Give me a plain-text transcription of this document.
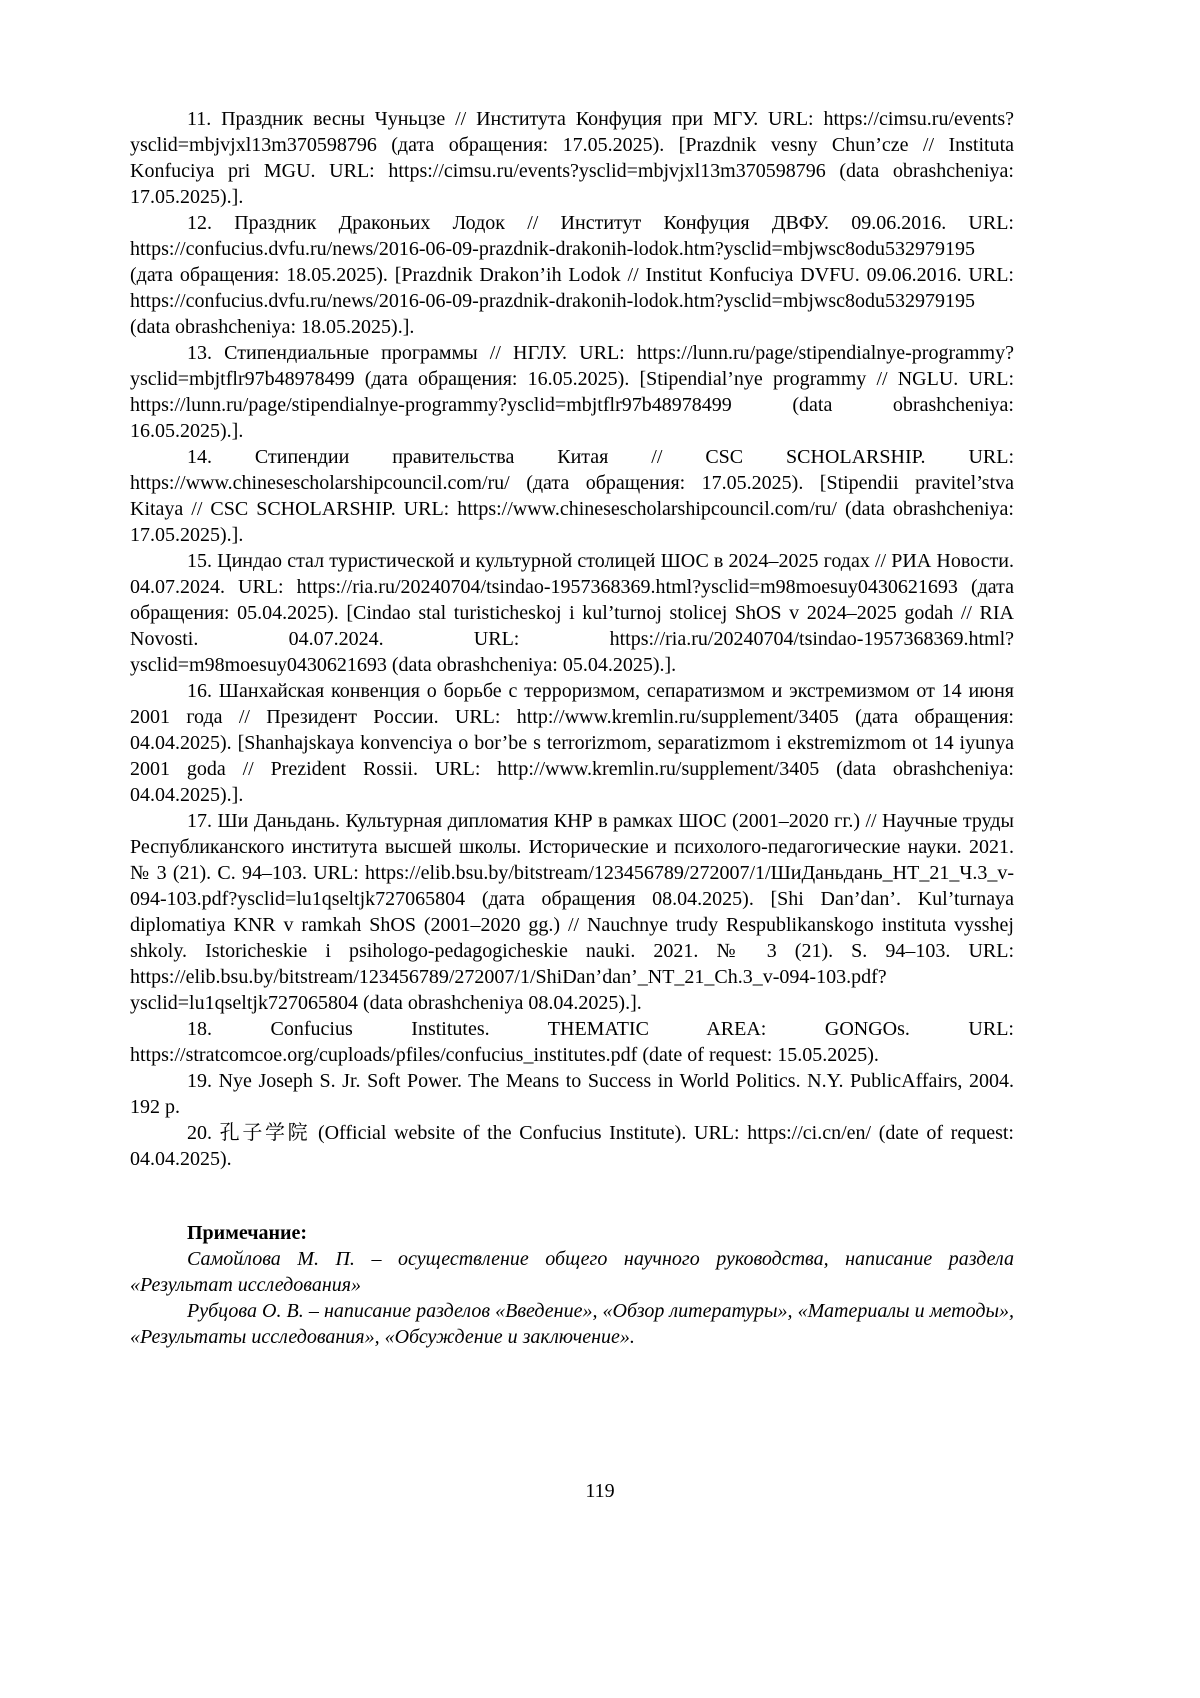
11. Праздник весны Чуньцзе // Института Конфуция при МГУ. URL: https://cimsu.ru/events?ysclid=mbjvjxl13m370598796 (дата обращения: 17.05.2025). [Prazdnik vesny Chun’cze // Instituta Konfuciya pri MGU. URL: https://cimsu.ru/events?ysclid=mbjvjxl13m370598796 (data obrashcheniya: 17.05.2025).].

12. Праздник Драконьих Лодок // Институт Конфуция ДВФУ. 09.06.2016. URL: https://confucius.dvfu.ru/news/2016-06-09-prazdnik-drakonih-lodok.htm?ysclid=mbjwsc8odu532979195 (дата обращения: 18.05.2025). [Prazdnik Drakon’ih Lodok // Institut Konfuciya DVFU. 09.06.2016. URL: https://confucius.dvfu.ru/news/2016-06-09-prazdnik-drakonih-lodok.htm?ysclid=mbjwsc8odu532979195 (data obrashcheniya: 18.05.2025).].

13. Стипендиальные программы // НГЛУ. URL: https://lunn.ru/page/stipendialnye-programmy?ysclid=mbjtflr97b48978499 (дата обращения: 16.05.2025). [Stipendial’nye programmy // NGLU. URL: https://lunn.ru/page/stipendialnye-programmy?ysclid=mbjtflr97b48978499 (data obrashcheniya: 16.05.2025).].

14. Стипендии правительства Китая // CSC SCHOLARSHIP. URL: https://www.chinesescholarshipcouncil.com/ru/ (дата обращения: 17.05.2025). [Stipendii pravitel’stva Kitaya // CSC SCHOLARSHIP. URL: https://www.chinesescholarshipcouncil.com/ru/ (data obrashcheniya: 17.05.2025).].

15. Циндао стал туристической и культурной столицей ШОС в 2024–2025 годах // РИА Новости. 04.07.2024. URL: https://ria.ru/20240704/tsindao-1957368369.html?ysclid=m98moesuy0430621693 (дата обращения: 05.04.2025). [Cindao stal turisticheskoj i kul’turnoj stolicej ShOS v 2024–2025 godah // RIA Novosti. 04.07.2024. URL: https://ria.ru/20240704/tsindao-1957368369.html?ysclid=m98moesuy0430621693 (data obrashcheniya: 05.04.2025).].

16. Шанхайская конвенция о борьбе с терроризмом, сепаратизмом и экстремизмом от 14 июня 2001 года // Президент России. URL: http://www.kremlin.ru/supplement/3405 (дата обращения: 04.04.2025). [Shanhajskaya konvenciya o bor’be s terrorizmom, separatizmom i ekstremizmom ot 14 iyunya 2001 goda // Prezident Rossii. URL: http://www.kremlin.ru/supplement/3405 (data obrashcheniya: 04.04.2025).].

17. Ши Даньдань. Культурная дипломатия КНР в рамках ШОС (2001–2020 гг.) // Научные труды Республиканского института высшей школы. Исторические и психолого-педагогические науки. 2021. № 3 (21). С. 94–103. URL: https://elib.bsu.by/bitstream/123456789/272007/1/ШиДаньдань_НТ_21_Ч.3_v-094-103.pdf?ysclid=lu1qseltjk727065804 (дата обращения 08.04.2025). [Shi Dan’dan’. Kul’turnaya diplomatiya KNR v ramkah ShOS (2001–2020 gg.) // Nauchnye trudy Respublikanskogo instituta vysshej shkoly. Istoricheskie i psihologo-pedagogicheskie nauki. 2021. № 3 (21). S. 94–103. URL: https://elib.bsu.by/bitstream/123456789/272007/1/ShiDan’dan’_NT_21_Ch.3_v-094-103.pdf?ysclid=lu1qseltjk727065804 (data obrashcheniya 08.04.2025).].

18. Confucius Institutes. THEMATIC AREA: GONGOs. URL: https://stratcomcoe.org/cuploads/pfiles/confucius_institutes.pdf (date of request: 15.05.2025).

19. Nye Joseph S. Jr. Soft Power. The Means to Success in World Politics. N.Y. PublicAffairs, 2004. 192 p.

20. 孔子学院 (Official website of the Confucius Institute). URL: https://ci.cn/en/ (date of request: 04.04.2025).

Примечание:

Самойлова М. П. – осуществление общего научного руководства, написание раздела «Результат исследования»

Рубцова О. В. – написание разделов «Введение», «Обзор литературы», «Материалы и методы», «Результаты исследования», «Обсуждение и заключение».

119
